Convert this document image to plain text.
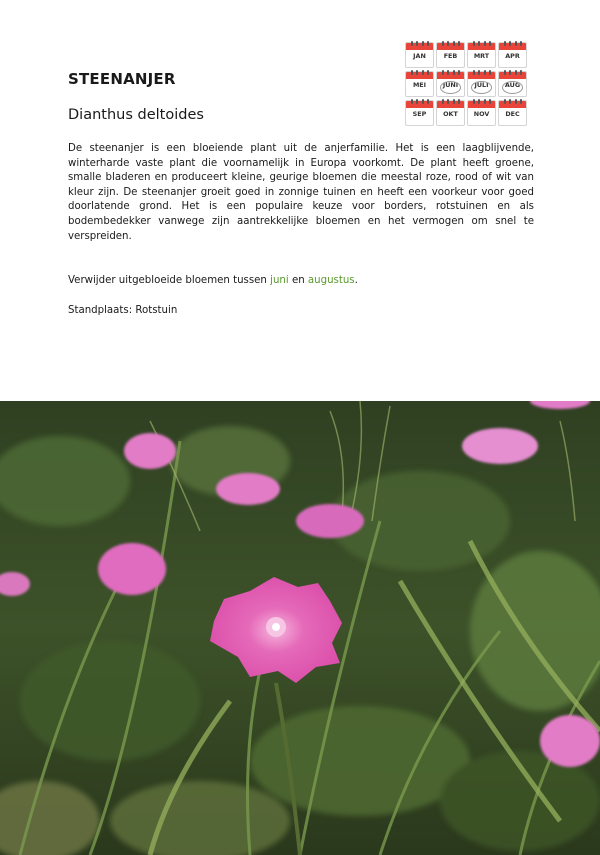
STEENANJER
Dianthus deltoides
JAN	FEB	MRT	APR
MEI	JUNI	JULI	AUG
SEP	OKT	NOV	DEC
De steenanjer is een bloeiende plant uit de anjerfamilie. Het is een laagblijvende, winterharde vaste plant die voornamelijk in Europa voorkomt. De plant heeft groene, smalle bladeren en produceert kleine, geurige bloemen die meestal roze, rood of wit van kleur zijn. De steenanjer groeit goed in zonnige tuinen en heeft een voorkeur voor goed doorlatende grond. Het is een populaire keuze voor borders, rotstuinen en als bodembedekker vanwege zijn aantrekkelijke bloemen en het vermogen om snel te verspreiden.
Verwijder uitgebloeide bloemen tussen juni en augustus.
Standplaats: Rotstuin
